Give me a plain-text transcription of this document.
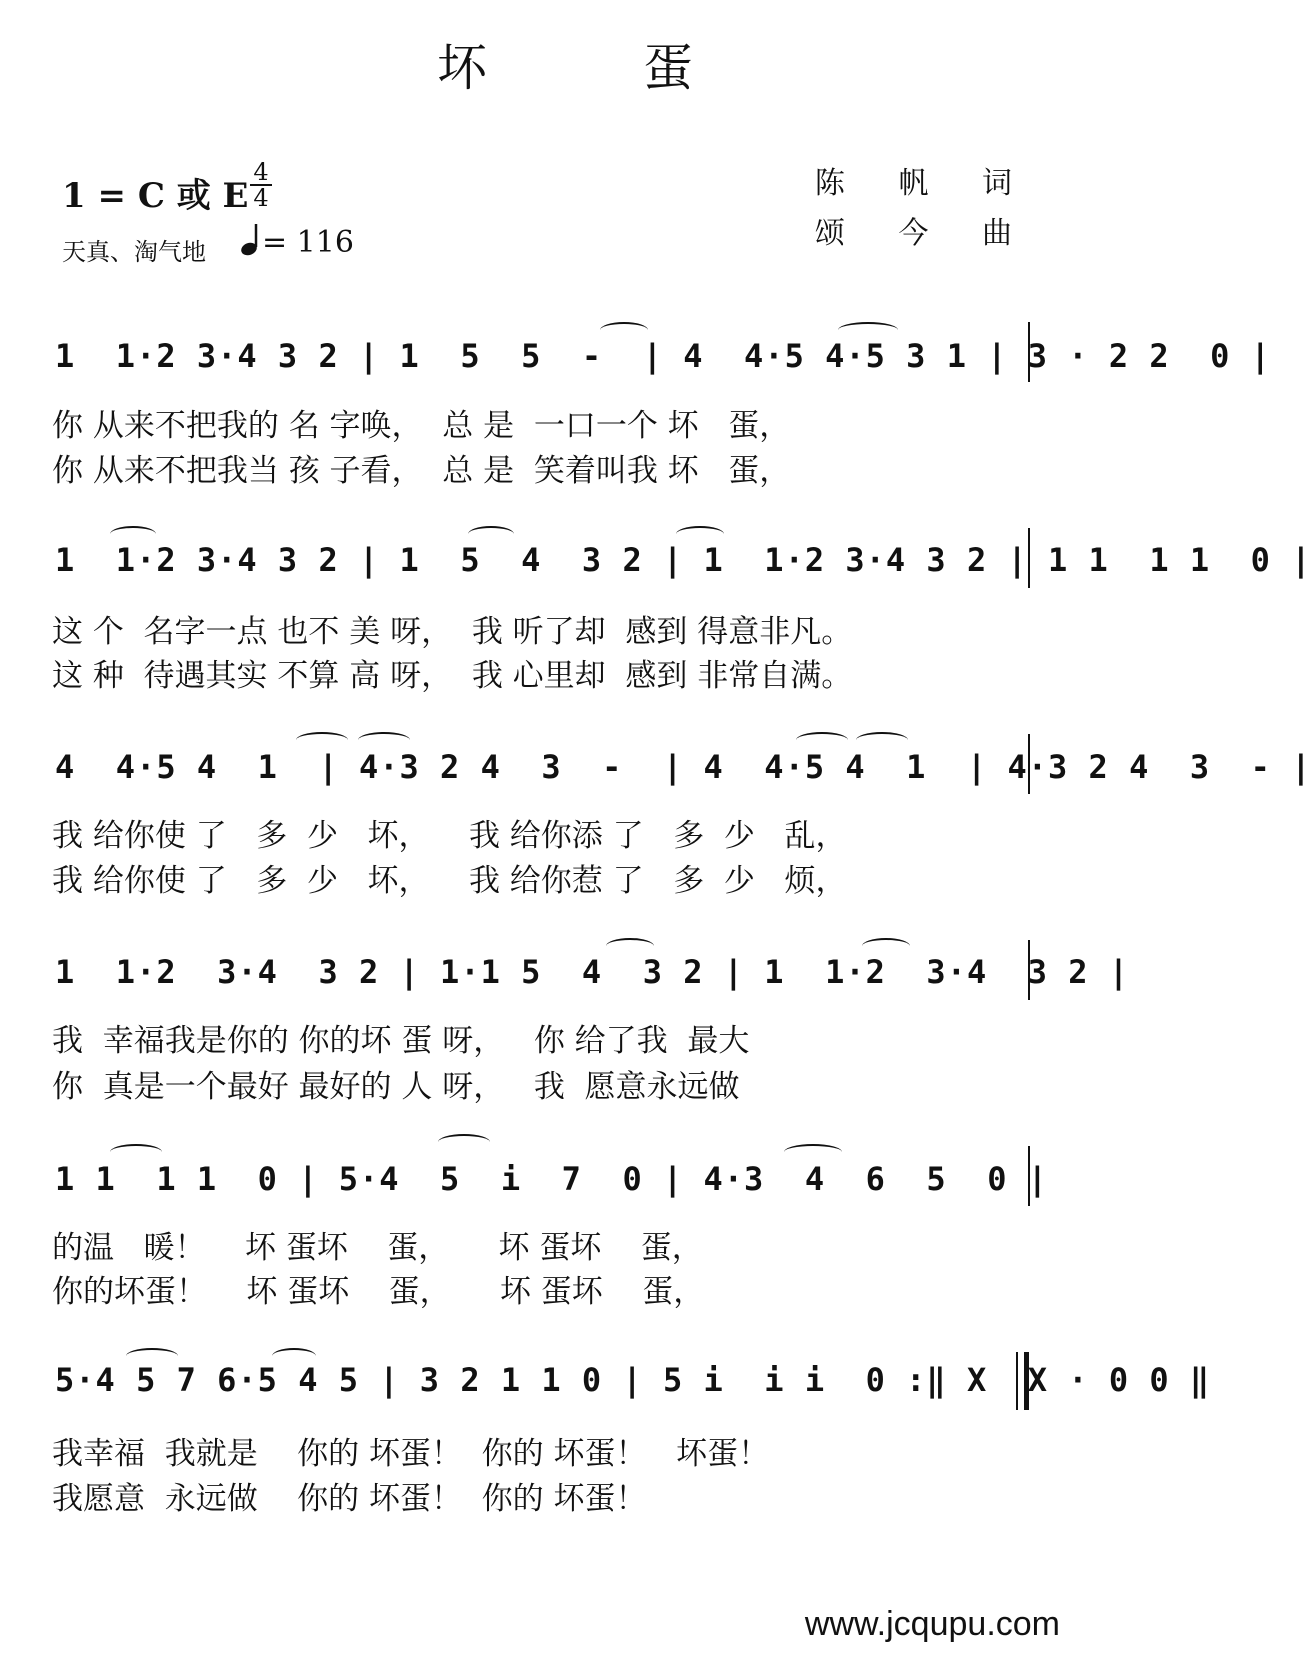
坏 蛋
1 = C 或 E
4
4
天真、淘气地	= 116
陈 帆 词
颂 今 曲
1  1·2 3·4 3 2 | 1  5  5  -  | 4  4·5 4·5 3 1 | 3 · 2 2  0 |
你 从来不把我的 名 字唤，  总 是  一口一个 坏   蛋，
你 从来不把我当 孩 子看，  总 是  笑着叫我 坏   蛋，
1  1·2 3·4 3 2 | 1  5  4  3 2 | 1  1·2 3·4 3 2 | 1 1  1 1  0 |
这 个  名字一点 也不 美 呀，  我 听了却  感到 得意非凡。
这 种  待遇其实 不算 高 呀，  我 心里却  感到 非常自满。
4  4·5 4  1  | 4·3 2 4  3  -  | 4  4·5 4  1  | 4·3 2 4  3  - |
我 给你使 了   多  少   坏，    我 给你添 了   多  少   乱，
我 给你使 了   多  少   坏，    我 给你惹 了   多  少   烦，
1  1·2  3·4  3 2 | 1·1 5  4  3 2 | 1  1·2  3·4  3 2 |
我  幸福我是你的 你的坏 蛋 呀，   你 给了我  最大
你  真是一个最好 最好的 人 呀，   我  愿意永远做
1 1  1 1  0 | 5·4  5  i  7  0 | 4·3  4  6  5  0 |
的温   暖！    坏 蛋坏    蛋，     坏 蛋坏    蛋，
你的坏蛋！    坏 蛋坏    蛋，     坏 蛋坏    蛋，
5·4 5 7 6·5 4 5 | 3 2 1 1 0 | 5 i  i i  0 :‖ X  X · 0 0 ‖
我幸福  我就是    你的 坏蛋！  你的 坏蛋！   坏蛋！
我愿意  永远做    你的 坏蛋！  你的 坏蛋！
www.jcqupu.com
